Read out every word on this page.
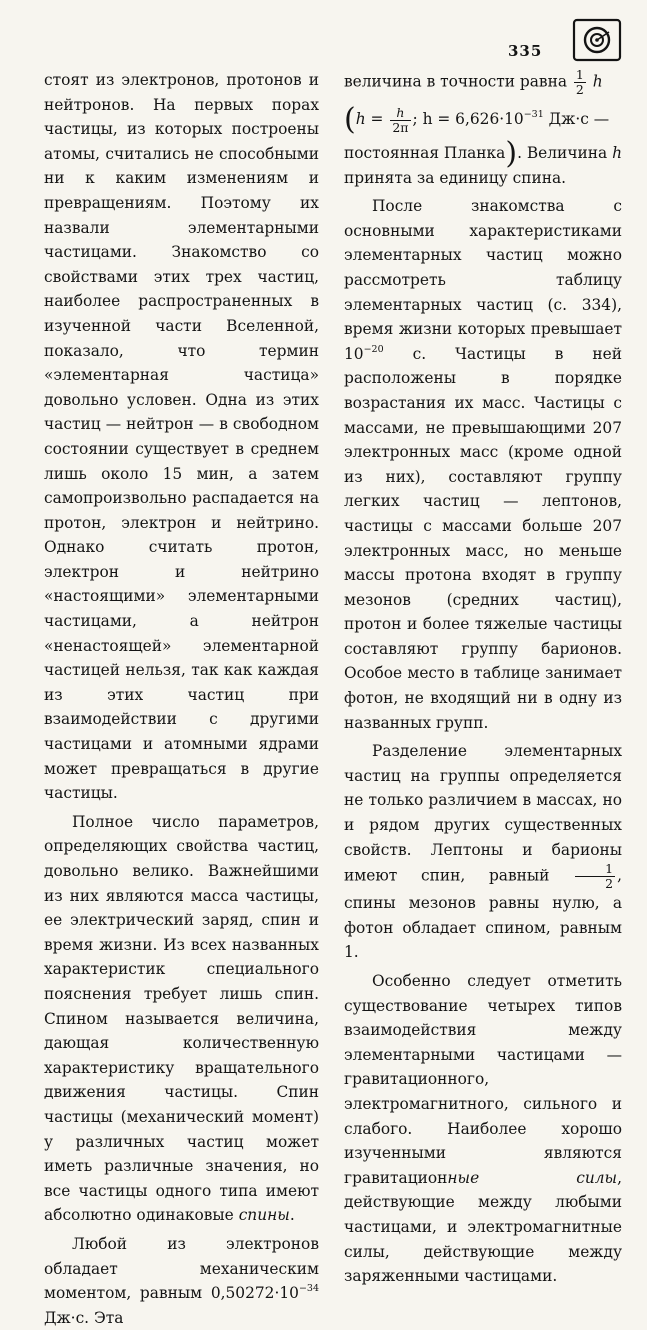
335

стоят из электронов, протонов и нейтронов. На первых порах частицы, из которых построены атомы, считались не способными ни к каким изменениям и превращениям. Поэтому их назвали элементарными частицами. Знакомство со свойствами этих трех частиц, наиболее распространенных в изученной части Вселенной, показало, что термин «элементарная частица» довольно условен. Одна из этих частиц — нейтрон — в свободном состоянии существует в среднем лишь около 15 мин, а затем самопроизвольно распадается на протон, электрон и нейтрино. Однако считать протон, электрон и нейтрино «настоящими» элементарными частицами, а нейтрон «ненастоящей» элементарной частицей нельзя, так как каждая из этих частиц при взаимодействии с другими частицами и атомными ядрами может превращаться в другие частицы.

Полное число параметров, определяющих свойства частиц, довольно велико. Важнейшими из них являются масса частицы, ее электрический заряд, спин и время жизни. Из всех названных характеристик специального пояснения требует лишь спин. Спином называется величина, дающая количественную характеристику вращательного движения частицы. Спин частицы (механический момент) у различных частиц может иметь различные значения, но все частицы одного типа имеют абсолютно одинаковые спины.

Любой из электронов обладает механическим моментом, равным $0,50272\cdot 10^{-34}$ Дж·с. Эта

величина в точности равна $\frac{1}{2}$ h

($h = \frac{h}{2\pi}$ ; $h = 6,626\cdot 10^{-31}$ Дж·с —

постоянная Планка). Величина h принята за единицу спина.

После знакомства с основными характеристиками элементарных частиц можно рассмотреть таблицу элементарных частиц (с. 334), время жизни которых превышает $10^{-20}$ с. Частицы в ней расположены в порядке возрастания их масс. Частицы с массами, не превышающими 207 электронных масс (кроме одной из них), составляют группу легких частиц — лептонов, частицы с массами больше 207 электронных масс, но меньше массы протона входят в группу мезонов (средних частиц), протон и более тяжелые частицы составляют группу барионов. Особое место в таблице занимает фотон, не входящий ни в одну из названных групп.

Разделение элементарных частиц на группы определяется не только различием в массах, но и рядом других существенных свойств. Лептоны и барионы имеют спин, равный $\frac{1}{2}$ , спины мезонов равны нулю, а фотон обладает спином, равным 1.

Особенно следует отметить существование четырех типов взаимодействия между элементарными частицами — гравитационного, электромагнитного, сильного и слабого. Наиболее хорошо изученными являются гравитационные силы, действующие между любыми частицами, и электромагнитные силы, действующие между заряженными частицами.
